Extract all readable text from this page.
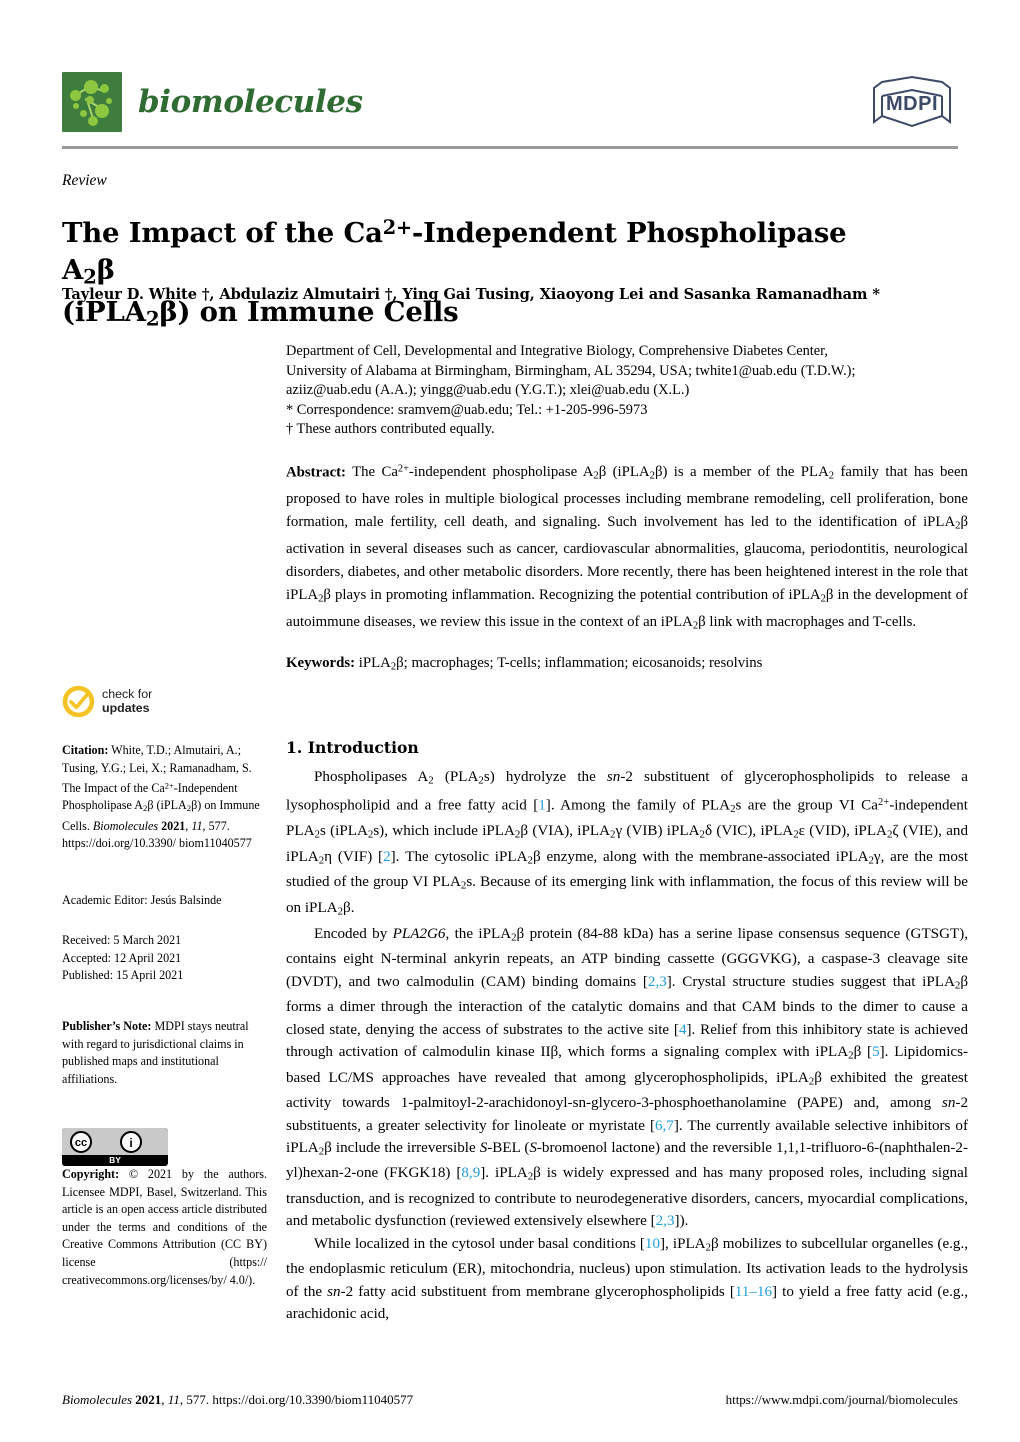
biomolecules	MDPI
Review
The Impact of the $Ca^{2+}$-Independent Phospholipase $A_2\beta$
(iPLA$_2$β) on Immune Cells
Tayleur D. White †, Abdulaziz Almutairi †, Ying Gai Tusing, Xiaoyong Lei and Sasanka Ramanadham *
Department of Cell, Developmental and Integrative Biology, Comprehensive Diabetes Center,
University of Alabama at Birmingham, Birmingham, AL 35294, USA; twhite1@uab.edu (T.D.W.);
aziiz@uab.edu (A.A.); yingg@uab.edu (Y.G.T.); xlei@uab.edu (X.L.)
* Correspondence: sramvem@uab.edu; Tel.: +1-205-996-5973
† These authors contributed equally.
Abstract: The $Ca^{2+}$-independent phospholipase $A_2\beta$ (iPLA$_2$β) is a member of the $PLA_2$ family that has been proposed to have roles in multiple biological processes including membrane remodeling, cell proliferation, bone formation, male fertility, cell death, and signaling. Such involvement has led to the identification of iPLA$_2$β activation in several diseases such as cancer, cardiovascular abnormalities, glaucoma, periodontitis, neurological disorders, diabetes, and other metabolic disorders. More recently, there has been heightened interest in the role that iPLA$_2$β plays in promoting inflammation. Recognizing the potential contribution of iPLA$_2$β in the development of autoimmune diseases, we review this issue in the context of an iPLA$_2$β link with macrophages and T-cells.
Keywords: iPLA$_2$β; macrophages; T-cells; inflammation; eicosanoids; resolvins
check for
updates
Citation: White, T.D.; Almutairi, A.; Tusing, Y.G.; Lei, X.; Ramanadham, S. The Impact of the $Ca^{2+}$-Independent Phospholipase $A_2\beta$ (iPLA$_2$β) on Immune Cells. Biomolecules 2021, 11, 577. https://doi.org/10.3390/ biom11040577
Academic Editor: Jesús Balsinde
Received: 5 March 2021
Accepted: 12 April 2021
Published: 15 April 2021
Publisher’s Note: MDPI stays neutral with regard to jurisdictional claims in published maps and institutional affiliations.
cc	i
BY
Copyright: © 2021 by the authors. Licensee MDPI, Basel, Switzerland. This article is an open access article distributed under the terms and conditions of the Creative Commons Attribution (CC BY) license (https:// creativecommons.org/licenses/by/ 4.0/).
1. Introduction

Phospholipases $A_2$ $(PLA_2s)$ hydrolyze the sn-2 substituent of glycerophospholipids to release a lysophospholipid and a free fatty acid [1]. Among the family of $PLA_2s$ are the group VI $Ca^{2+}$-independent $PLA_2s$ (iPLA$_2$s), which include iPLA$_2$β (VIA), iPLA$_2$γ (VIB) iPLA$_2$δ (VIC), iPLA$_2$ε (VID), iPLA$_2$ζ (VIE), and iPLA$_2$η (VIF) [2]. The cytosolic iPLA$_2$β enzyme, along with the membrane-associated iPLA$_2$γ, are the most studied of the group VI $PLA_2s$. Because of its emerging link with inflammation, the focus of this review will be on iPLA$_2$β.

Encoded by PLA2G6, the iPLA$_2$β protein (84-88 kDa) has a serine lipase consensus sequence (GTSGT), contains eight N-terminal ankyrin repeats, an ATP binding cassette (GGGVKG), a caspase-3 cleavage site (DVDT), and two calmodulin (CAM) binding domains [2,3]. Crystal structure studies suggest that iPLA$_2$β forms a dimer through the interaction of the catalytic domains and that CAM binds to the dimer to cause a closed state, denying the access of substrates to the active site [4]. Relief from this inhibitory state is achieved through activation of calmodulin kinase IIβ, which forms a signaling complex with iPLA$_2$β [5]. Lipidomics-based LC/MS approaches have revealed that among glycerophospholipids, iPLA$_2$β exhibited the greatest activity towards 1-palmitoyl-2-arachidonoyl-sn-glycero-3-phosphoethanolamine (PAPE) and, among sn-2 substituents, a greater selectivity for linoleate or myristate [6,7]. The currently available selective inhibitors of iPLA$_2$β include the irreversible S-BEL (S-bromoenol lactone) and the reversible 1,1,1-trifluoro-6-(naphthalen-2-yl)hexan-2-one (FKGK18) [8,9]. iPLA$_2$β is widely expressed and has many proposed roles, including signal transduction, and is recognized to contribute to neurodegenerative disorders, cancers, myocardial complications, and metabolic dysfunction (reviewed extensively elsewhere [2,3]).

While localized in the cytosol under basal conditions [10], iPLA$_2$β mobilizes to subcellular organelles (e.g., the endoplasmic reticulum (ER), mitochondria, nucleus) upon stimulation. Its activation leads to the hydrolysis of the sn-2 fatty acid substituent from membrane glycerophospholipids [11–16] to yield a free fatty acid (e.g., arachidonic acid,

Biomolecules 2021, 11, 577. https://doi.org/10.3390/biom11040577	https://www.mdpi.com/journal/biomolecules
